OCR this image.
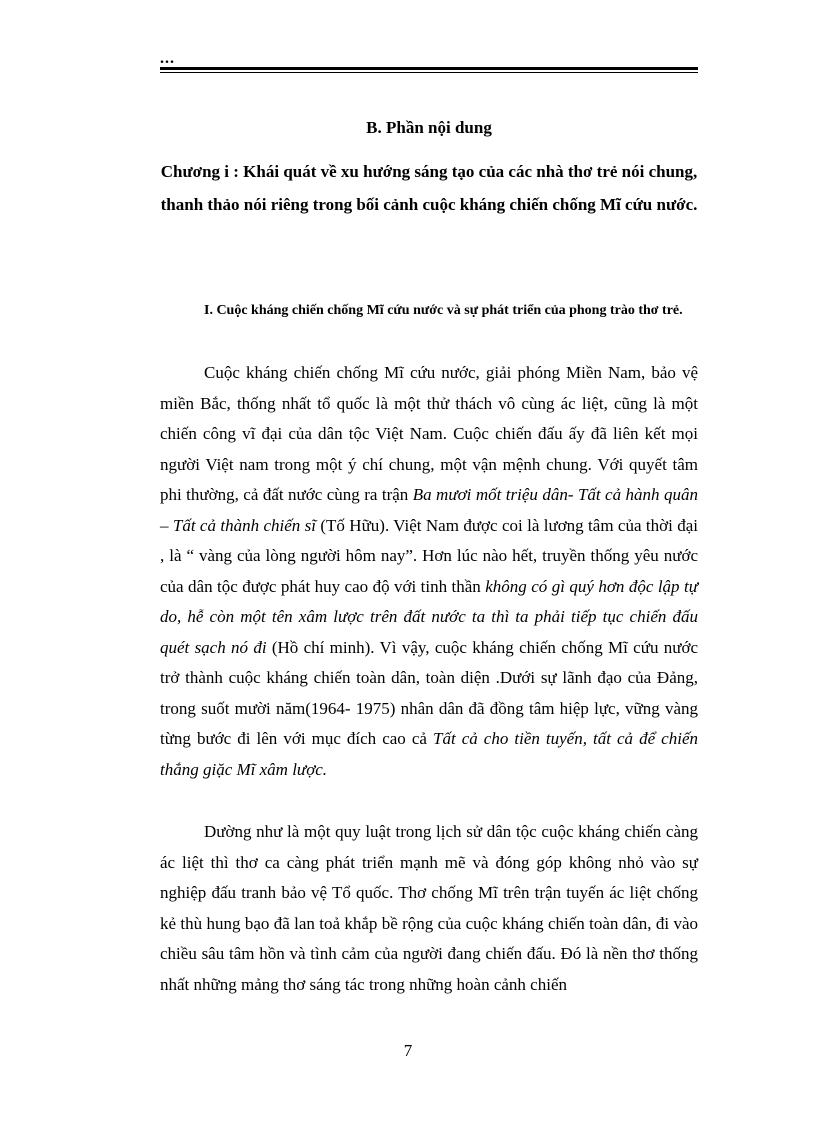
...
B. Phần nội dung
Chương i : Khái quát về xu hướng sáng tạo của các nhà thơ trẻ nói chung, thanh thảo nói riêng trong bối cảnh cuộc kháng chiến chống Mĩ cứu nước.
I. Cuộc kháng chiến chống Mĩ cứu nước và sự phát triển của phong trào thơ trẻ.

Cuộc kháng chiến chống Mĩ cứu nước, giải phóng Miền Nam, bảo vệ miền Bắc, thống nhất tổ quốc là một thử thách vô cùng ác liệt, cũng là một chiến công vĩ đại của dân tộc Việt Nam. Cuộc chiến đấu ấy đã liên kết mọi người Việt nam trong một ý chí chung, một vận mệnh chung. Với quyết tâm phi thường, cả đất nước cùng ra trận Ba mươi mốt triệu dân- Tất cả hành quân – Tất cả thành chiến sĩ (Tố Hữu). Việt Nam được coi là lương tâm của thời đại , là “ vàng của lòng người hôm nay”. Hơn lúc nào hết, truyền thống yêu nước của dân tộc được phát huy cao độ với tinh thần không có gì quý hơn độc lập tự do, hễ còn một tên xâm lược trên đất nước ta thì ta phải tiếp tục chiến đấu quét sạch nó đi (Hồ chí minh). Vì vậy, cuộc kháng chiến chống Mĩ cứu nước trở thành cuộc kháng chiến toàn dân, toàn diện .Dưới sự lãnh đạo của Đảng, trong suốt mười năm(1964- 1975) nhân dân đã đồng tâm hiệp lực, vững vàng từng bước đi lên với mục đích cao cả Tất cả cho tiền tuyến, tất cả để chiến thắng giặc Mĩ xâm lược.

Dường như là một quy luật trong lịch sử dân tộc cuộc kháng chiến càng ác liệt thì thơ ca càng phát triển mạnh mẽ và đóng góp không nhỏ vào sự nghiệp đấu tranh bảo vệ Tổ quốc. Thơ chống Mĩ trên trận tuyến ác liệt chống kẻ thù hung bạo đã lan toả khắp bề rộng của cuộc kháng chiến toàn dân, đi vào chiều sâu tâm hồn và tình cảm của người đang chiến đấu. Đó là nền thơ thống nhất những mảng thơ sáng tác trong những hoàn cảnh chiến

7
